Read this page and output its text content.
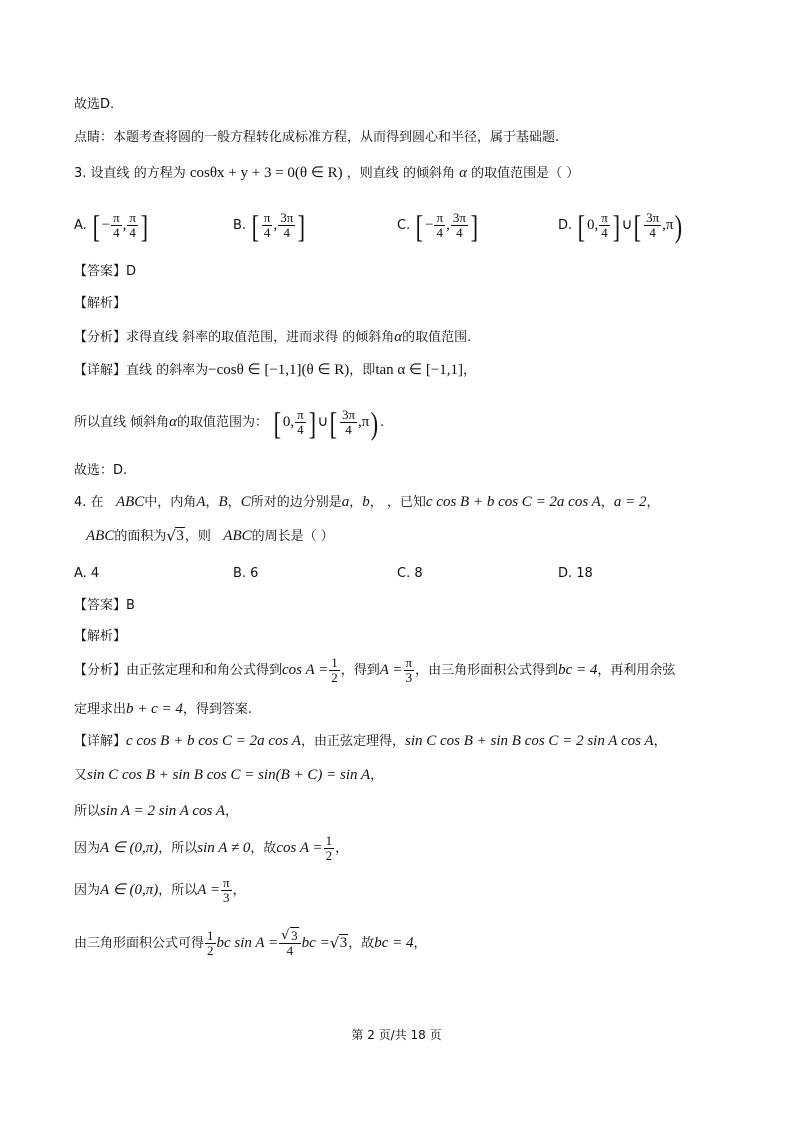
故选D.
点睛：本题考查将圆的一般方程转化成标准方程，从而得到圆心和半径，属于基础题.
3. 设直线 的方程为 cosθx + y + 3 = 0(θ ∈ R) ，则直线 的倾斜角 α 的取值范围是（ ）
A. [ − $\frac{\pi}{4}$ , $\frac{\pi}{4}$ ]	B. [ $\frac{\pi}{4}$ , $\frac{3\pi}{4}$ ]	C. [ − $\frac{\pi}{4}$ , $\frac{3\pi}{4}$ ]	D. [ 0, $\frac{\pi}{4}$ ] ∪[ $\frac{3\pi}{4} ,\pi$)
【答案】D
【解析】
【分析】求得直线 斜率的取值范围，进而求得 的倾斜角α的取值范围.
【详解】直线 的斜率为−cosθ ∈ [−1,1](θ ∈ R)，即tan α ∈ [−1,1]，
所以直线 倾斜角α的取值范围为： [ 0, $\frac{\pi}{4}$ ] ∪[ $\frac{3\pi}{4} ,\pi$) .
故选：D.
4. 在 ABC中，内角A，B，C所对的边分别是a，b， ，已知c cos B + b cos C = 2a cos A，a = 2，
ABC的面积为 √ 3，则 ABC的周长是（ ）
A. 4	B. 6	C. 8	D. 18
【答案】B
【解析】
【分析】由正弦定理和和角公式得到$\cos A = \frac{1}{2}$ ，得到$A = \frac{\pi}{3}$ ，由三角形面积公式得到bc = 4，再利用余弦
定理求出b + c = 4，得到答案.
【详解】c cos B + b cos C = 2a cos A，由正弦定理得，sin C cos B + sin B cos C = 2 sin A cos A，
又sin C cos B + sin B cos C = sin(B + C) = sin A，
所以sin A = 2 sin A cos A，
因为A ∈ (0,π)，所以sin A ≠ 0，故$\cos A = \frac{1}{2}$ ，
因为A ∈ (0,π)，所以$A = \frac{\pi}{3}$ ，
由三角形面积公式可得 $\frac{1}{2}$ bc sin A = √ $\frac{3}{4}$ bc = √ 3，故bc = 4，
第 2 页/共 18 页
